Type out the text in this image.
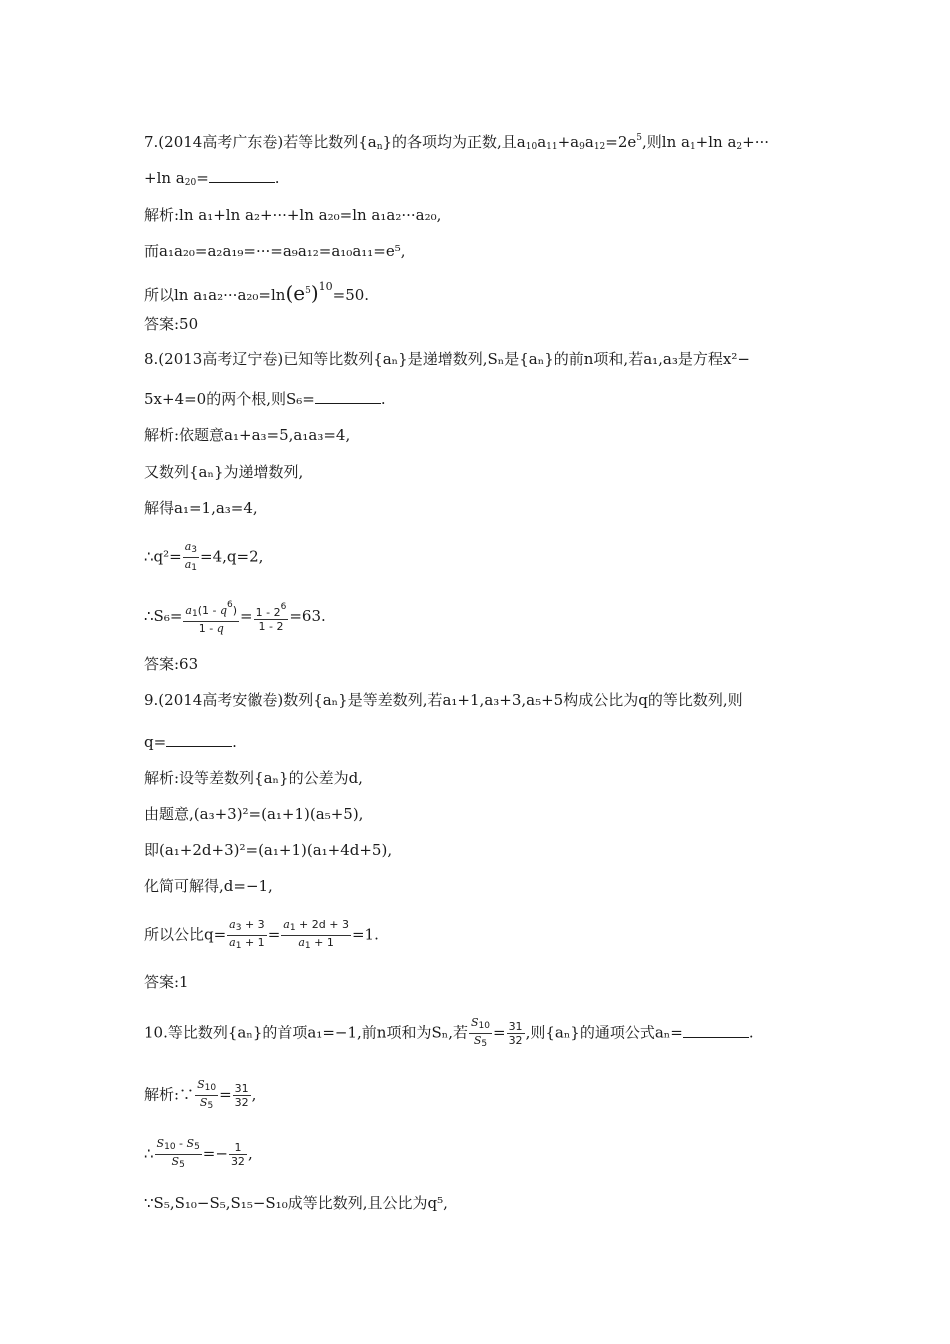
7.(2014高考广东卷)若等比数列$\{a_n\}$的各项均为正数,且$a_{10}a_{11}+a_9a_{12}=2e^5$,则$\ln a_1+\ln$ $a_2+\cdot\cdot\cdot$
+ln $a_{20}=$	.
解析:ln a₁+ln a₂+···+ln a₂₀=ln a₁a₂···a₂₀,
而a₁a₂₀=a₂a₁₉=···=a₉a₁₂=a₁₀a₁₁=e⁵,
所以$\ln a_1a_2\cdot\cdot\cdot a_{20}=\ln(e^5)^{10}=50$.
答案:50
8.(2013高考辽宁卷)已知等比数列{aₙ}是递增数列,Sₙ是{aₙ}的前n项和,若a₁,a₃是方程x²−
5x+4=0的两个根,则S₆=	.
解析:依题意a₁+a₃=5,a₁a₃=4,
又数列{aₙ}为递增数列,
解得a₁=1,a₃=4,
∴q²= $\frac{a_3}{a_1} =4,q=2$,
∴S₆= $\frac{a_1(1 - q^6)}{1 - q} = \frac{1 - 2^6}{1 - 2} =63$.
答案:63
9.(2014高考安徽卷)数列{aₙ}是等差数列,若a₁+1,a₃+3,a₅+5构成公比为q的等比数列,则
q=	.
解析:设等差数列{aₙ}的公差为d,
由题意,(a₃+3)²=(a₁+1)(a₅+5),
即(a₁+2d+3)²=(a₁+1)(a₁+4d+5),
化简可解得,d=−1,
所以公比$q= \frac{a_3 + 3}{a_1 + 1} = \frac{a_1 + 2d + 3}{a_1 + 1} =1$.
答案:1
10.等比数列{aₙ}的首项a₁=−1,前n项和为Sₙ,若 $\frac{S_{10}}{S_5} = \frac{31}{32}$ ,则{aₙ}的通项公式aₙ=	.
解析:∵ $\frac{S_{10}}{S_5} = \frac{31}{32}$ ,
∴ $\frac{S_{10} - S_5}{S_5} =- \frac{1}{32}$ ,
∵S₅,S₁₀−S₅,S₁₅−S₁₀成等比数列,且公比为q⁵,
